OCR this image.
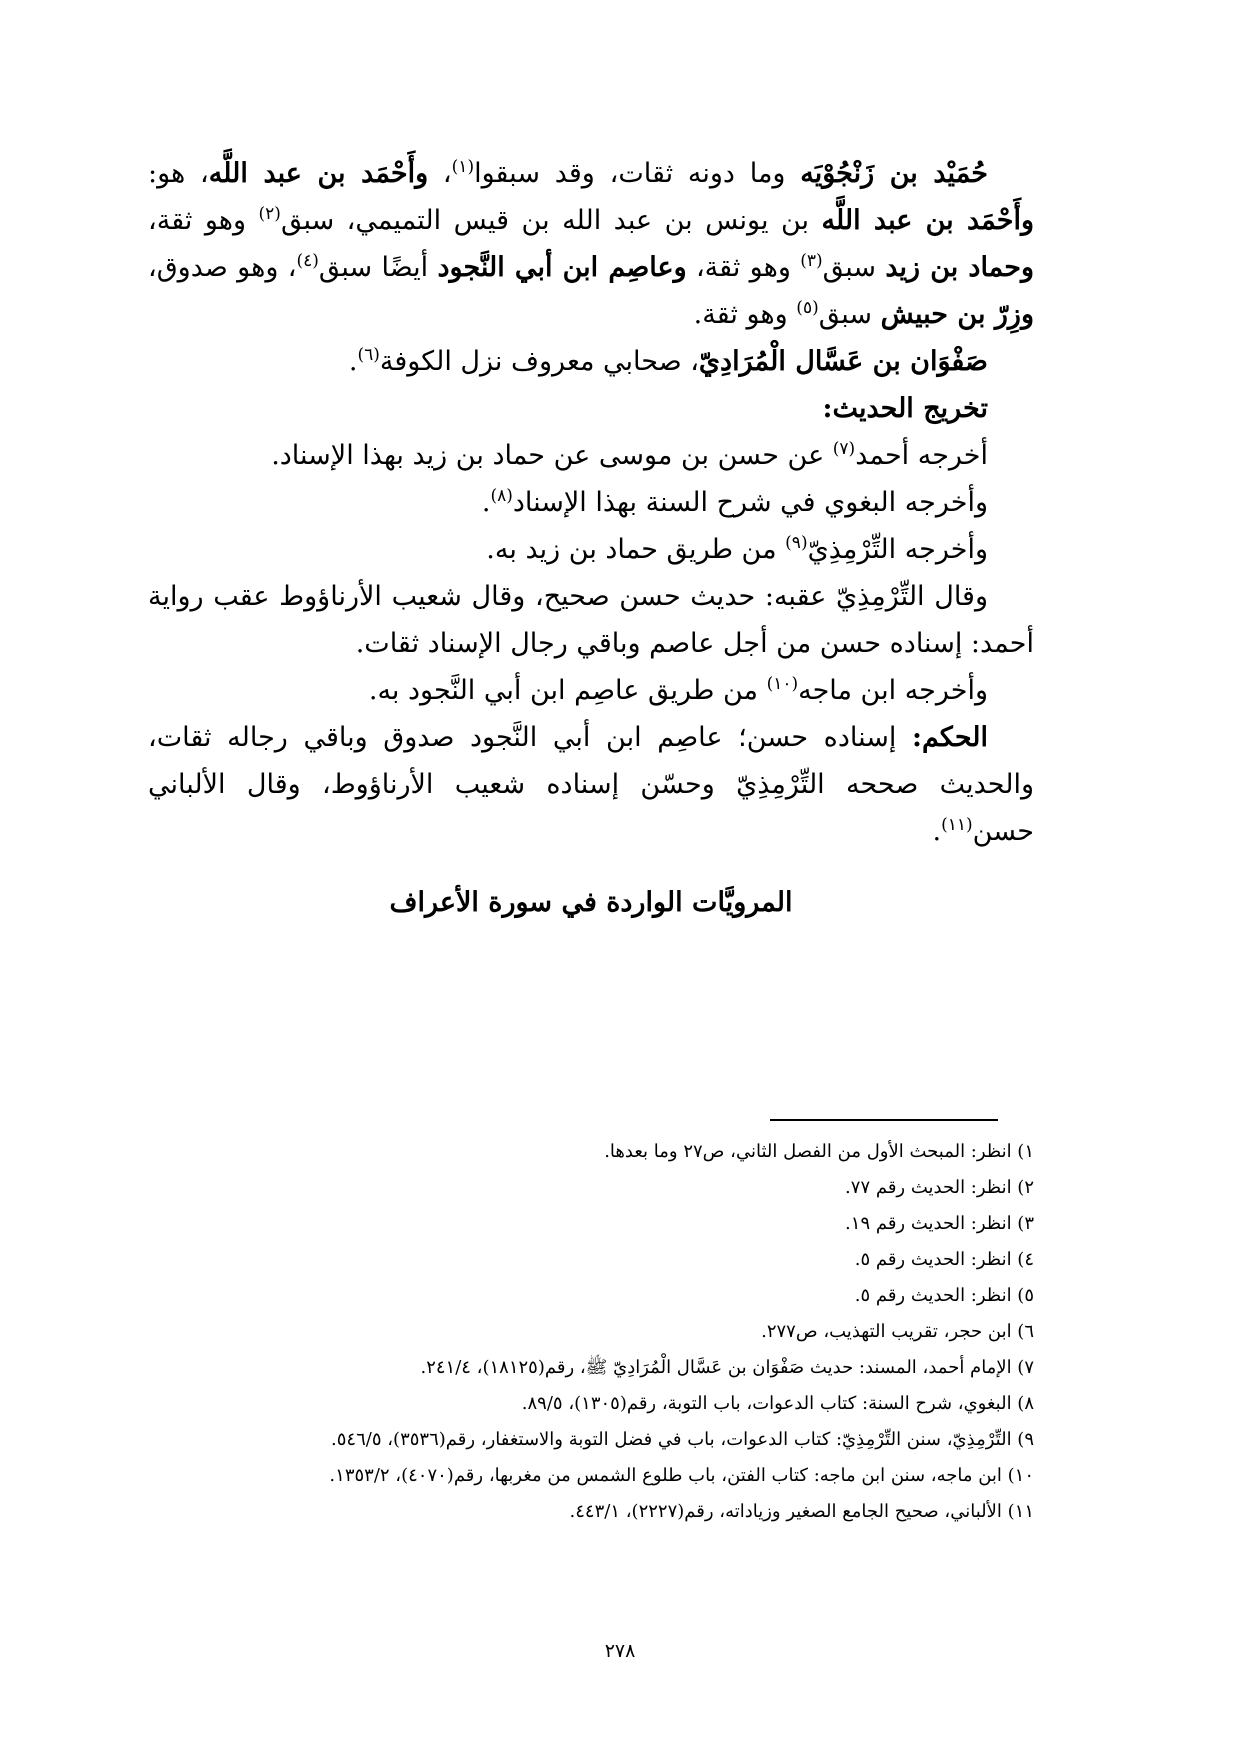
حُمَيْد بن زَنْجُوْيَه وما دونه ثقات، وقد سبقوا$^{(١)}$، وأَحْمَد بن عبد اللَّه، هو: وأَحْمَد بن عبد اللَّه بن يونس بن عبد الله بن قيس التميمي، سبق$^{(٢)}$ وهو ثقة، وحماد بن زيد سبق$^{(٣)}$ وهو ثقة، وعاصِم ابن أبي النَّجود أيضًا سبق$^{(٤)}$، وهو صدوق، وزِرّ بن حبيش سبق$^{(٥)}$ وهو ثقة.

صَفْوَان بن عَسَّال الْمُرَادِيّ، صحابي معروف نزل الكوفة$^{(٦)}$.

تخريج الحديث:

أخرجه أحمد$^{(٧)}$ عن حسن بن موسى عن حماد بن زيد بهذا الإسناد.

وأخرجه البغوي في شرح السنة بهذا الإسناد$^{(٨)}$.

وأخرجه التِّرْمِذِيّ$^{(٩)}$ من طريق حماد بن زيد به.

وقال التِّرْمِذِيّ عقبه: حديث حسن صحيح، وقال شعيب الأرناؤوط عقب رواية أحمد: إسناده حسن من أجل عاصم وباقي رجال الإسناد ثقات.

وأخرجه ابن ماجه$^{(١٠)}$ من طريق عاصِم ابن أبي النَّجود به.

الحكم: إسناده حسن؛ عاصِم ابن أبي النَّجود صدوق وباقي رجاله ثقات، والحديث صححه التِّرْمِذِيّ وحسّن إسناده شعيب الأرناؤوط، وقال الألباني حسن$^{(١١)}$.

المرويَّات الواردة في سورة الأعراف

١) انظر: المبحث الأول من الفصل الثاني، ص٢٧ وما بعدها.
٢) انظر: الحديث رقم ٧٧.
٣) انظر: الحديث رقم ١٩.
٤) انظر: الحديث رقم ٥.
٥) انظر: الحديث رقم ٥.
٦) ابن حجر، تقريب التهذيب، ص٢٧٧.
٧) الإمام أحمد، المسند: حديث صَفْوَان بن عَسَّال الْمُرَادِيّ ﷺ، رقم(١٨١٢٥)، ٢٤١/٤.
٨) البغوي، شرح السنة: كتاب الدعوات، باب التوبة، رقم(١٣٠٥)، ٨٩/٥.
٩) التِّرْمِذِيّ، سنن التِّرْمِذِيّ: كتاب الدعوات، باب في فضل التوبة والاستغفار، رقم(٣٥٣٦)، ٥٤٦/٥.
١٠) ابن ماجه، سنن ابن ماجه: كتاب الفتن، باب طلوع الشمس من مغربها، رقم(٤٠٧٠)، ١٣٥٣/٢.
١١) الألباني، صحيح الجامع الصغير وزياداته، رقم(٢٢٢٧)، ٤٤٣/١.
٢٧٨
